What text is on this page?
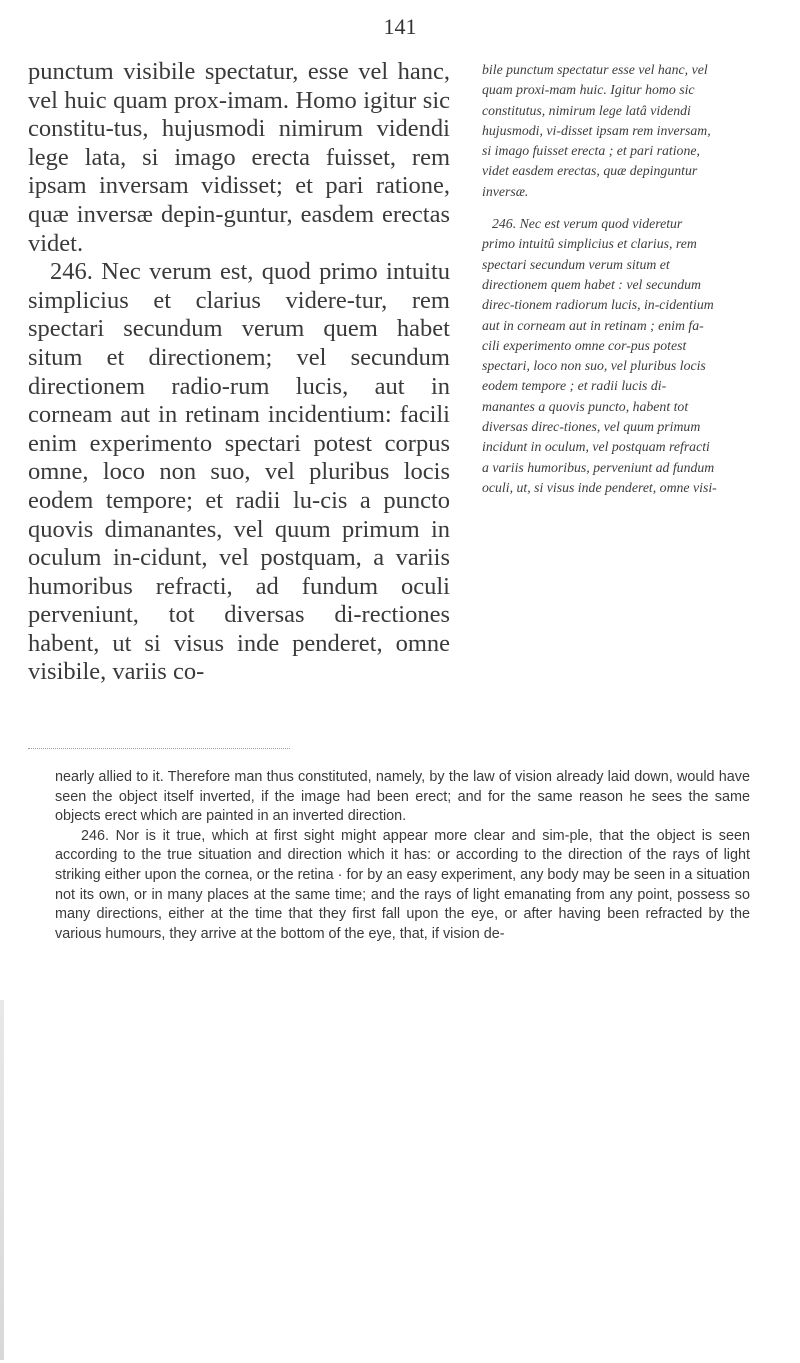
141

punctum visibile spectatur, esse vel hanc, vel huic quam prox-imam. Homo igitur sic constitu-tus, hujusmodi nimirum videndi lege lata, si imago erecta fuisset, rem ipsam inversam vidisset; et pari ratione, quæ inversæ depin-guntur, easdem erectas videt.

246. Nec verum est, quod primo intuitu simplicius et clarius videre-tur, rem spectari secundum verum quem habet situm et directionem; vel secundum directionem radio-rum lucis, aut in corneam aut in retinam incidentium: facili enim experimento spectari potest corpus omne, loco non suo, vel pluribus locis eodem tempore; et radii lu-cis a puncto quovis dimanantes, vel quum primum in oculum in-cidunt, vel postquam, a variis humoribus refracti, ad fundum oculi perveniunt, tot diversas di-rectiones habent, ut si visus inde penderet, omne visibile, variis co-

bile punctum spectatur esse vel hanc, vel quam proxi-mam huic. Igitur homo sic constitutus, nimirum lege latâ videndi hujusmodi, vi-disset ipsam rem inversam, si imago fuisset erecta ; et pari ratione, videt easdem erectas, quæ depinguntur inversæ.

246. Nec est verum quod videretur primo intuitû simplicius et clarius, rem spectari secundum verum situm et directionem quem habet : vel secundum direc-tionem radiorum lucis, in-cidentium aut in corneam aut in retinam ; enim fa-cili experimento omne cor-pus potest spectari, loco non suo, vel pluribus locis eodem tempore ; et radii lucis di-manantes a quovis puncto, habent tot diversas direc-tiones, vel quum primum incidunt in oculum, vel postquam refracti a variis humoribus, perveniunt ad fundum oculi, ut, si visus inde penderet, omne visi-

nearly allied to it. Therefore man thus constituted, namely, by the law of vision already laid down, would have seen the object itself inverted, if the image had been erect; and for the same reason he sees the same objects erect which are painted in an inverted direction.

246. Nor is it true, which at first sight might appear more clear and sim-ple, that the object is seen according to the true situation and direction which it has: or according to the direction of the rays of light striking either upon the cornea, or the retina · for by an easy experiment, any body may be seen in a situation not its own, or in many places at the same time; and the rays of light emanating from any point, possess so many directions, either at the time that they first fall upon the eye, or after having been refracted by the various humours, they arrive at the bottom of the eye, that, if vision de-
